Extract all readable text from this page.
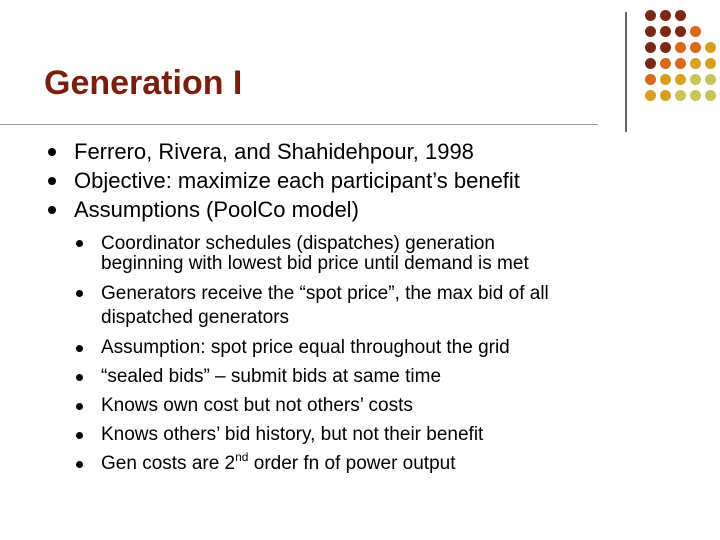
Generation I
Ferrero, Rivera, and Shahidehpour, 1998
Objective: maximize each participant’s benefit
Assumptions (PoolCo model)
Coordinator schedules (dispatches) generation
beginning with lowest bid price until demand is met
Generators receive the “spot price”, the max bid of all
dispatched generators
Assumption: spot price equal throughout the grid
“sealed bids” – submit bids at same time
Knows own cost but not others’ costs
Knows others’ bid history, but not their benefit
Gen costs are 2nd order fn of power output
